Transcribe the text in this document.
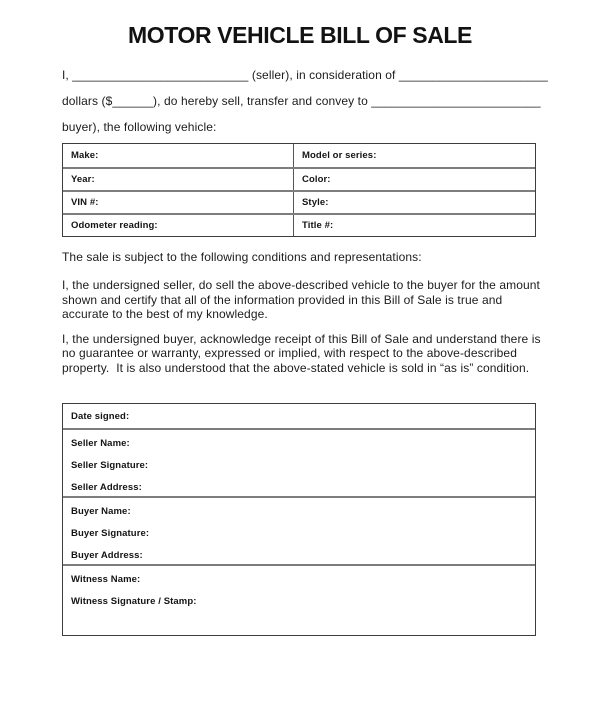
MOTOR VEHICLE BILL OF SALE
I, __________________________ (seller), in consideration of ______________________
dollars ($______), do hereby sell, transfer and convey to _________________________
buyer), the following vehicle:
Make:	Model or series:
Year:	Color:
VIN #:	Style:
Odometer reading:	Title #:
The sale is subject to the following conditions and representations:
I, the undersigned seller, do sell the above-described vehicle to the buyer for the amount
shown and certify that all of the information provided in this Bill of Sale is true and
accurate to the best of my knowledge.
I, the undersigned buyer, acknowledge receipt of this Bill of Sale and understand there is
no guarantee or warranty, expressed or implied, with respect to the above-described
property.  It is also understood that the above-stated vehicle is sold in “as is” condition.
Date signed:
Seller Name:
Seller Signature:
Seller Address:
Buyer Name:
Buyer Signature:
Buyer Address:
Witness Name:
Witness Signature / Stamp:
